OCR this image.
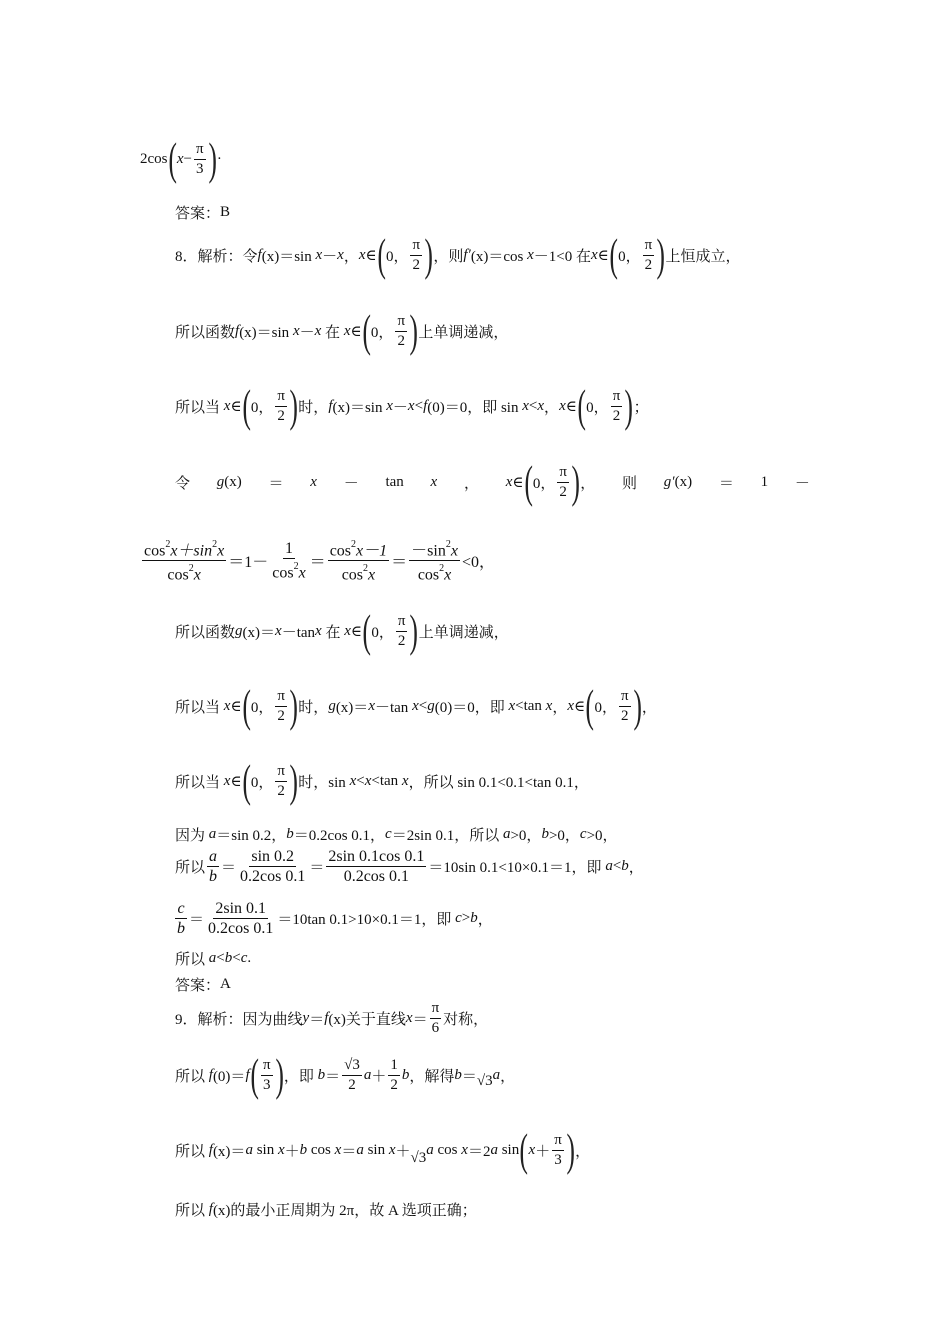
2cos ( $x - \frac{\pi}{3}$ ) ·
答案： B
8． 解析： 令 f (x)＝sin
x － x ， x ∈ ( 0， $\frac{\pi}{2}$ ) ，则 f′ (x)＝cos
x －1<0 在 x ∈ ( 0， $\frac{\pi}{2}$ ) 上恒成立，
所以函数 f (x)＝sin
x － x
在
x ∈ ( 0， $\frac{\pi}{2}$ ) 上单调递减，
所以当
x ∈ ( 0， $\frac{\pi}{2}$ ) 时， f (x)＝sin
x － x < f (0)＝0，即 sin
x < x ， x ∈ ( 0， $\frac{\pi}{2}$ ) ；
令 g(x) ＝ x － tan x ， x ∈ ( 0， $\frac{\pi}{2}$ ) ， 则 g′(x) ＝ 1 －
$\frac{\cos^2x+\sin^2x}{\cos^2x} =1- \frac{1}{\cos^2x} = \frac{\cos^2x-1}{\cos^2x} = \frac{-\sin^2x}{\cos^2x} <0$，
所以函数 g (x)＝ x －tan x
在
x ∈ ( 0， $\frac{\pi}{2}$ ) 上单调递减，
所以当
x ∈ ( 0， $\frac{\pi}{2}$ ) 时， g (x)＝ x －tan
x < g (0)＝0，即
x <tan
x ， x ∈ ( 0， $\frac{\pi}{2}$ ) ，
所以当
x ∈ ( 0， $\frac{\pi}{2}$ ) 时，sin
x < x <tan
x ，所以 sin 0.1<0.1<tan 0.1，
因为
a ＝sin 0.2， b ＝0.2cos 0.1， c ＝2sin 0.1，所以
a >0， b >0， c >0，
所以 $\frac{a}{b} = \frac{\sin 0.2}{0.2\cos 0.1} = \frac{2\sin 0.1\cos 0.1}{0.2\cos 0.1} =10\sin$ 0.1<10×0.1＝1，即
a < b ，
$\frac{c}{b} = \frac{2\sin 0.1}{0.2\cos 0.1} =10\tan$ 0.1>10×0.1＝1，即
c > b ，
所以
a < b < c .
答案： A
9． 解析： 因为曲线 y ＝ f (x)关于直线 $x = \frac{\pi}{6}$ 对称，
所以
f (0)＝ f ( $\frac{\pi}{3}$ ) ，即
$b = \frac{√ 3}{2}$ $a + \frac{1}{2}$ b ，解得 b ＝ √ 3 a ，
所以
f (x)＝ a
sin
x ＋ b
cos
x ＝ a
sin
x ＋ √ 3 a
cos
x ＝2 a
sin ( $x + \frac{\pi}{3}$ ) ，
所以
f (x)的最小正周期为 2π，故 A 选项正确；
